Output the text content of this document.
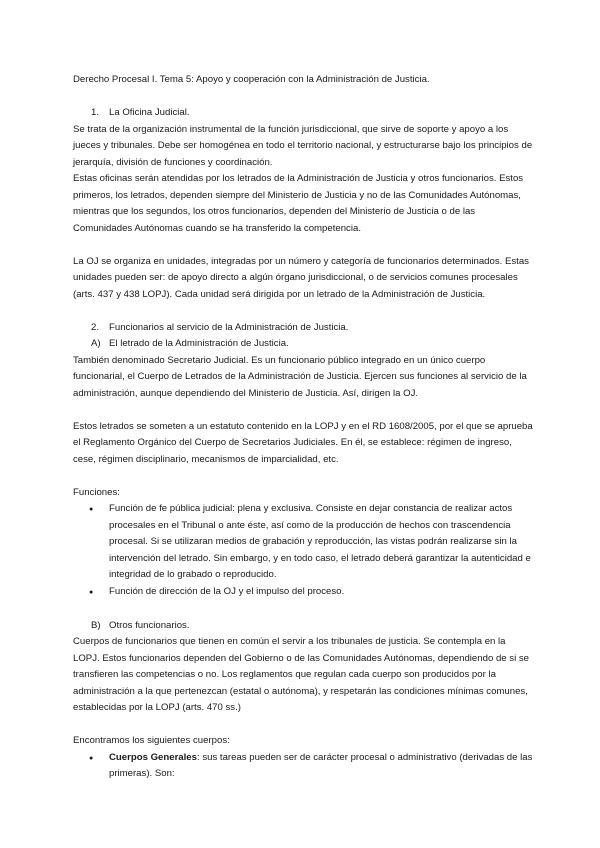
Derecho Procesal I. Tema 5: Apoyo y cooperación con la Administración de Justicia.

1.	La Oficina Judicial.

Se trata de la organización instrumental de la función jurisdiccional, que sirve de soporte y apoyo a los jueces y tribunales. Debe ser homogénea en todo el territorio nacional, y estructurarse bajo los principios de jerarquía, división de funciones y coordinación.

Estas oficinas serán atendidas por los letrados de la Administración de Justicia y otros funcionarios. Estos primeros, los letrados, dependen siempre del Ministerio de Justicia y no de las Comunidades Autónomas, mientras que los segundos, los otros funcionarios, dependen del Ministerio de Justicia o de las Comunidades Autónomas cuando se ha transferido la competencia.

La OJ se organiza en unidades, integradas por un número y categoría de funcionarios determinados. Estas unidades pueden ser: de apoyo directo a algún órgano jurisdiccional, o de servicios comunes procesales (arts. 437 y 438 LOPJ). Cada unidad será dirigida por un letrado de la Administración de Justicia.

2.	Funcionarios al servicio de la Administración de Justicia.
A) El letrado de la Administración de Justicia.

También denominado Secretario Judicial. Es un funcionario público integrado en un único cuerpo funcionarial, el Cuerpo de Letrados de la Administración de Justicia. Ejercen sus funciones al servicio de la administración, aunque dependiendo del Ministerio de Justicia. Así, dirigen la OJ.

Estos letrados se someten a un estatuto contenido en la LOPJ y en el RD 1608/2005, por el que se aprueba el Reglamento Orgánico del Cuerpo de Secretarios Judiciales. En él, se establece: régimen de ingreso, cese, régimen disciplinario, mecanismos de imparcialidad, etc.

Funciones:

●
Función de fe pública judicial: plena y exclusiva. Consiste en dejar constancia de realizar actos procesales en el Tribunal o ante éste, así como de la producción de hechos con trascendencia procesal. Si se utilizaran medios de grabación y reproducción, las vistas podrán realizarse sin la intervención del letrado. Sin embargo, y en todo caso, el letrado deberá garantizar la autenticidad e integridad de lo grabado o reproducido.
●
Función de dirección de la OJ y el impulso del proceso.
B) Otros funcionarios.

Cuerpos de funcionarios que tienen en común el servir a los tribunales de justicia. Se contempla en la LOPJ. Estos funcionarios dependen del Gobierno o de las Comunidades Autónomas, dependiendo de si se transfieren las competencias o no. Los reglamentos que regulan cada cuerpo son producidos por la administración a la que pertenezcan (estatal o autónoma), y respetarán las condiciones mínimas comunes, establecidas por la LOPJ (arts. 470 ss.)

Encontramos los siguientes cuerpos:

●
Cuerpos Generales: sus tareas pueden ser de carácter procesal o administrativo (derivadas de las primeras). Son:
